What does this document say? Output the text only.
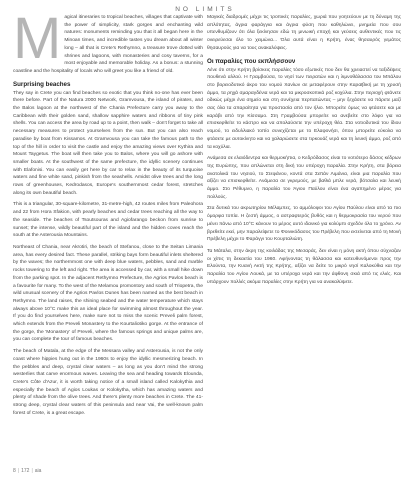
NO LIMITS
M agical itineraries to tropical beaches, villages that captivate with the power of simplicity, stark gorges and enchanting wild natures: monuments reminding you that it all began here in the Minoan times, and incredible tastes you dream about all winter long – all that is Crete's Rethymno, a treasure trove dotted with shrines and lagoons, with monasteries and cosy taverns, for a most enjoyable and memorable holiday. As a bonus: a stunning coastline and the hospitality of locals who will greet you like a friend of old.

Surprising beaches

They say in Crete you can find beaches so exotic that you think no-one has ever been there before. Part of the Natura 2000 Network, Gramvousa, the island of pirates, and the Balos lagoon at the northwest of the Chania Prefecture carry you away to the Caribbean with their golden sand, shallow sapphire waters and ribbons of tiny pink shells. You can access the area by road up to a point, then walk – don't forget to take all necessary measures to protect yourselves from the sun. But you can also reach paradise by boat from Kissamos. At Gramvousa you can take the famous path to the top of the hill in order to visit the castle and enjoy the amazing views over Kythira and Mount Taygetus. The boat will then take you to Balos, where you will go ashore with smaller boats. At the southwest of the same prefecture, the idyllic scenery continues with Elafonisi. You can easily get here by car to relax in the beauty of its turquoise waters and fine white sand, pinkish from the seashells. Amidst olive trees and the long rows of greenhouses, Kedrodasos, Europe's southernmost cedar forest, stretches along its own beautiful beach.

This is a triangular, 30-square-kilometre, 31-metre-high, 42 routes miles from Paleohora and 22 from Hora Sfakion, with pearly beaches and cedar trees reaching all the way to the seaside. The beaches of Tsoutsouras and Agiofarango beckon from sunrise to sunset; the intense, wildly beautiful part of the island and the hidden coves reach the south at the Asterousia Mountains.

Northeast of Chania, near Akrotiri, the beach of Stefanou, close to the Seitan Limania area, has every desired fact. These parallel, striking bays form beautiful inlets sheltered by the waves; the northernmost one with deep blue waters, pebbles, sand and marble rocks towering to the left and right. The area is accessed by car, with a small hike down from the parking spot. In the adjacent Rethymno Prefecture, the Agrios Pavlos beach is a favourite for many. To the west of the Melamou promontory and south of Triopetra, the wild unusual scenery of the Agrios Pavlos Dunes has been named as the best beach in Rethymno. The land raises, the shining seabed and the water temperature which stays always above 10°C make this an ideal place for swimming almost throughout the year. If you do find yourselves here, make sure not to miss the scenic Preveli palm forest, which extends from the Preveli Monastery to the Kourtaliotiko gorge. At the entrance of the gorge, the 'Monastery' of Preveli, where the famous springs and unique palms are, you can complete the tour of famous beaches.

The beach of Matala, at the edge of the Messara valley and Asterousia, is not the only coast where hippies hung out in the 1960s to enjoy the idyllic mesmerizing beach. In the pebbles and deep, crystal clear waters – as long as you don't mind the strong westerlies that carve enormous waves. Leaving the sea and heading towards Elounda, Crete's Côte d'Azur, it is worth taking notice of a small island called Kalokythia and especially the beach of Agios Loukas or Kolokytha, which has amazing waters and plenty of shade from the olive trees. And there's plenty more beaches in Crete. The 41-strong deep, crystal clear waters of this peninsula and near Vai, the well-known palm forest of Crete, is a great escape.

Μαγικές διαδρομές μέχρι τις τροπικές παραλίες, χωριά που γοητεύουν με τη δύναμη της απλότητας, άγρια φαράγγια και άγρια φύση που καθηλώνει, μνημεία που σου υπενθυμίζουν ότι όλα ξεκίνησαν εδώ τη μινωική εποχή και γεύσεις αυθεντικές που τις ονειρεύεσαι όλο το χειμώνα... Όλα αυτά είναι η Κρήτη, ένας θησαυρός γεμάτος θησαυρούς για να τους ανακαλύψεις.

Οι παραλίες που εκπλήσσουν

Λένε ότι στην Κρήτη βρίσκεις παραλίες τόσο εξωτικές που δεν θα χρειαστεί να ταξιδέψεις πουθενά αλλού. Η Γραμβούσα, το νησί των πειρατών και η λιμνοθάλασσα του Μπάλου στο βορειοδυτικό άκρο του νομού Χανίων σε μεταφέρουν στην Καραϊβική με τη χρυσή άμμο, τα ρηχά σμαραγδένια νερά και τα μικροσκοπικά ροζ κοχύλια. Στην περιοχή φτάνετε οδικώς μέχρι ένα σημείο και στη συνέχεια περπατώντας – μην ξεχάσετε να πάρετε μαζί σας όλα τα απαραίτητα για προστασία από τον ήλιο. Μπορείτε όμως να φτάσετε και με καράβι από την Κίσσαμο. Στη Γραμβούσα μπορείτε να ανεβείτε στο λόφο για να επισκεφθείτε το κάστρο και να απολαύσετε την υπέροχη θέα. Στα νοτιοδυτικά του ίδιου νομού, το ειδυλλιακό τοπίο συνεχίζεται με το Ελαφονήσι, όπου μπορείτε εύκολα να φτάσετε με αυτοκίνητο και να χαλαρώσετε στα τιρκουάζ νερά και τη λευκή άμμο, ροζ από τα κοχύλια.

Ανάμεσα σε ελαιόδεντρα και θερμοκήπια, ο Κεδρόδασος είναι το νοτιότερο δάσος κέδρων της Ευρώπης, που απλώνεται στη δική του υπέροχη παραλία. Στην Κρήτη, στα βόρεια ανατολικά του νησιού, το Στεφάνου, κοντά στα Σεϊτάν Λιμάνια, είναι μια παραλία που αξίζει να επισκεφθείτε. Ανάμεσα σε γκρεμούς, με βαθιά μπλε νερά, βότσαλα και λευκή άμμο. Στο Ρέθυμνο, η παραλία του Άγιου Παύλου είναι ένα αγαπημένο μέρος για πολλούς.

Στα δυτικά του ακρωτηρίου Μέλαμπες, το αμμόλοφοι του Αγίου Παύλου είναι από τα πιο όμορφα τοπία. Η ζεστή άμμος, ο αστραφτερός βυθός και η θερμοκρασία του νερού που μένει πάνω από 10°C κάνουν το μέρος αυτό ιδανικό για κολύμπι σχεδόν όλο το χρόνο. Αν βρεθείτε εκεί, μην παραλείψετε το Φοινικόδασος του Πρέβελη που εκτείνεται από τη Μονή Πρέβελη μέχρι το Φαράγγι του Κουρταλιώτη.

Τα Μάταλα, στην άκρη της κοιλάδας της Μεσαράς, δεν είναι η μόνη ακτή όπου σύχναζαν οι χίπις τη δεκαετία του 1960. Αφήνοντας τη θάλασσα και κατευθυνόμενοι προς την Ελούντα, την Κυανή Ακτή της Κρήτης, αξίζει να δείτε το μικρό νησί Καλοκύθια και την παραλία του Αγίου Λουκά, με τα υπέροχα νερά και την άφθονη σκιά από τις ελιές. Και υπάρχουν πολλές ακόμα παραλίες στην Κρήτη για να ανακαλύψετε.

8 | 172 | aia
